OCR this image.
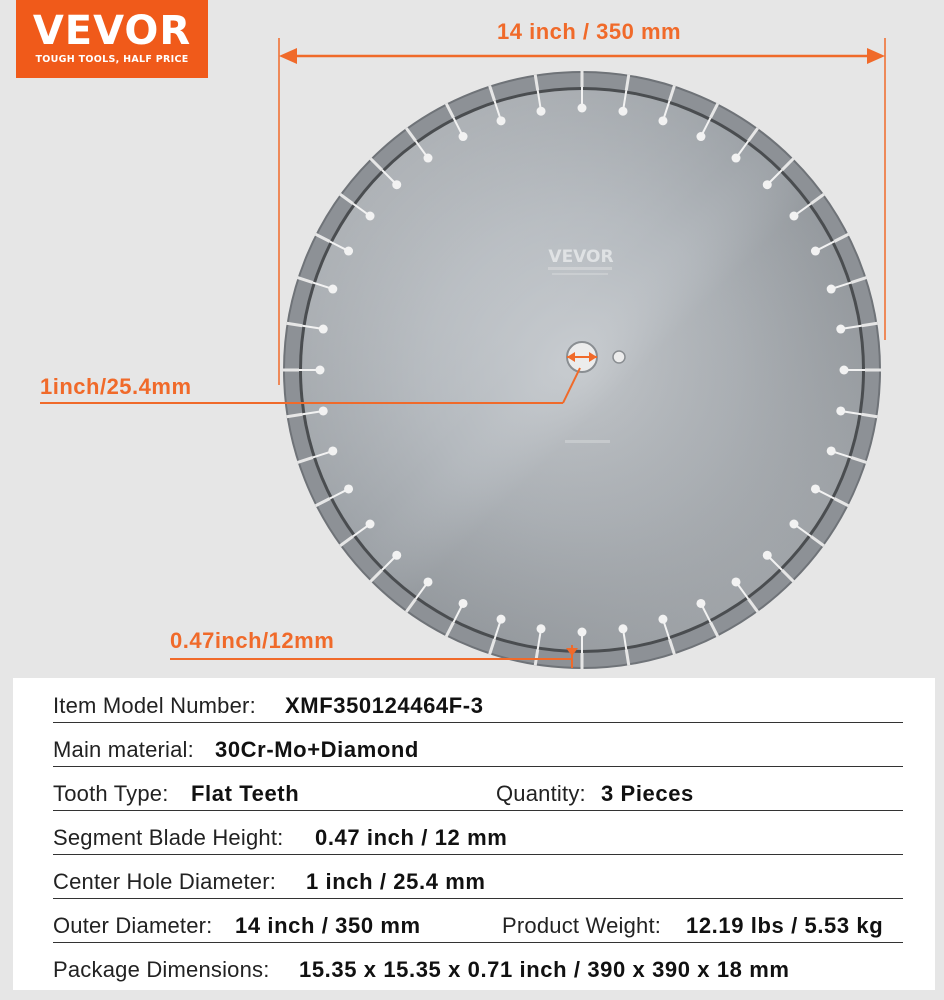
VEVOR
VEVOR
TOUGH TOOLS, HALF PRICE
14 inch / 350 mm
1inch/25.4mm
0.47inch/12mm
Item Model Number: XMF350124464F-3
Main material: 30Cr-Mo+Diamond
Tooth Type: Flat Teeth	Quantity: 3 Pieces
Segment Blade Height: 0.47 inch / 12 mm
Center Hole Diameter: 1 inch / 25.4 mm
Outer Diameter: 14 inch / 350 mm	Product Weight: 12.19 lbs / 5.53 kg
Package Dimensions: 15.35 x 15.35 x 0.71 inch / 390 x 390 x 18 mm
